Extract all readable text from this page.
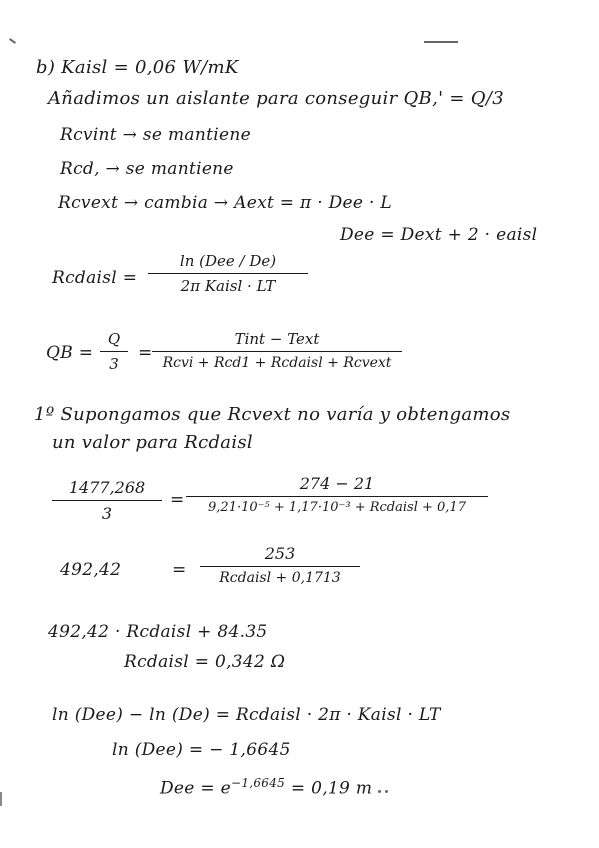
b) Kaisl = 0,06 W/mK
Añadimos un aislante para conseguir QB,' = Q/3
Rcvint → se mantiene
Rcd, → se mantiene
Rcvext → cambia → Aext = π · Dee · L
Dee = Dext + 2 · eaisl
Rcdaisl =
ln (Dee / De)
2π Kaisl · LT
QB =
Q
3
=
Tint − Text
Rcvi + Rcd1 + Rcdaisl + Rcvext
1º Supongamos que Rcvext no varía y obtengamos
un valor para Rcdaisl
1477,268
3
=
274 − 21
9,21·10⁻⁵ + 1,17·10⁻³ + Rcdaisl + 0,17
492,42	=
253
Rcdaisl + 0,1713
492,42 · Rcdaisl + 84.35
Rcdaisl = 0,342 Ω
ln (Dee) − ln (De) = Rcdaisl · 2π · Kaisl · LT
ln (Dee) = − 1,6645
Dee = $e^{-1,6645} = 0,19$ m
